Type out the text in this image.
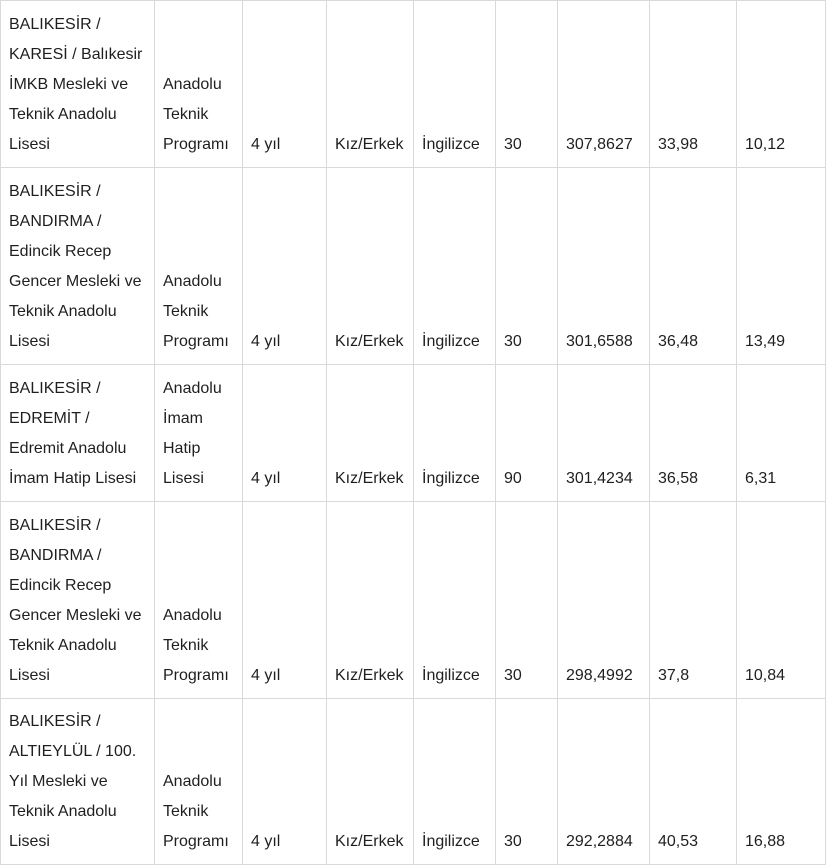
BALIKESİR / KARESİ / Balıkesir İMKB Mesleki ve Teknik Anadolu Lisesi	Anadolu Teknik Programı	4 yıl	Kız/Erkek	İngilizce	30	307,8627	33,98	10,12
BALIKESİR / BANDIRMA / Edincik Recep Gencer Mesleki ve Teknik Anadolu Lisesi	Anadolu Teknik Programı	4 yıl	Kız/Erkek	İngilizce	30	301,6588	36,48	13,49
BALIKESİR / EDREMİT / Edremit Anadolu İmam Hatip Lisesi	Anadolu İmam Hatip Lisesi	4 yıl	Kız/Erkek	İngilizce	90	301,4234	36,58	6,31
BALIKESİR / BANDIRMA / Edincik Recep Gencer Mesleki ve Teknik Anadolu Lisesi	Anadolu Teknik Programı	4 yıl	Kız/Erkek	İngilizce	30	298,4992	37,8	10,84
BALIKESİR / ALTIEYLÜL / 100. Yıl Mesleki ve Teknik Anadolu Lisesi	Anadolu Teknik Programı	4 yıl	Kız/Erkek	İngilizce	30	292,2884	40,53	16,88
